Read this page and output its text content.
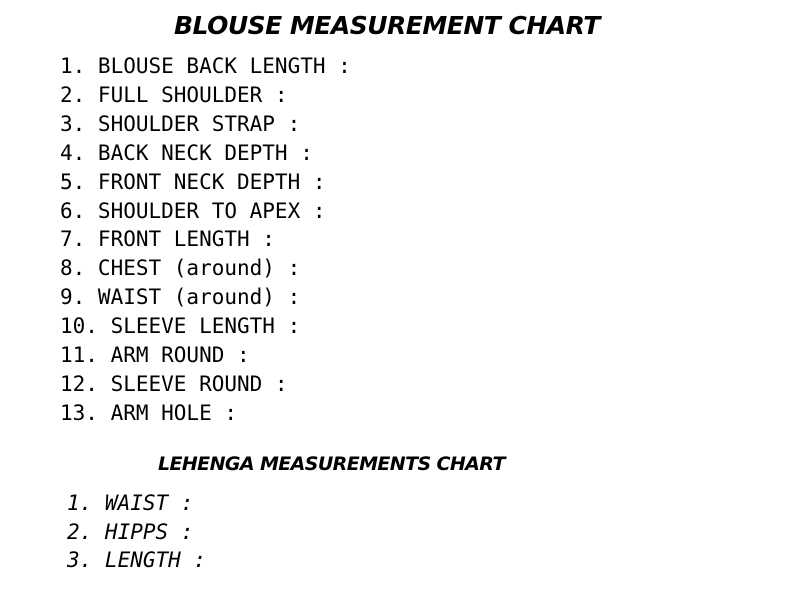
BLOUSE MEASUREMENT CHART
1. BLOUSE BACK LENGTH :
2. FULL SHOULDER :
3. SHOULDER STRAP :
4. BACK NECK DEPTH :
5. FRONT NECK DEPTH :
6. SHOULDER TO APEX :
7. FRONT LENGTH :
8. CHEST (around) :
9. WAIST (around) :
10. SLEEVE LENGTH :
11. ARM ROUND :
12. SLEEVE ROUND :
13. ARM HOLE :
LEHENGA MEASUREMENTS CHART
1. WAIST :
2. HIPPS :
3. LENGTH :
